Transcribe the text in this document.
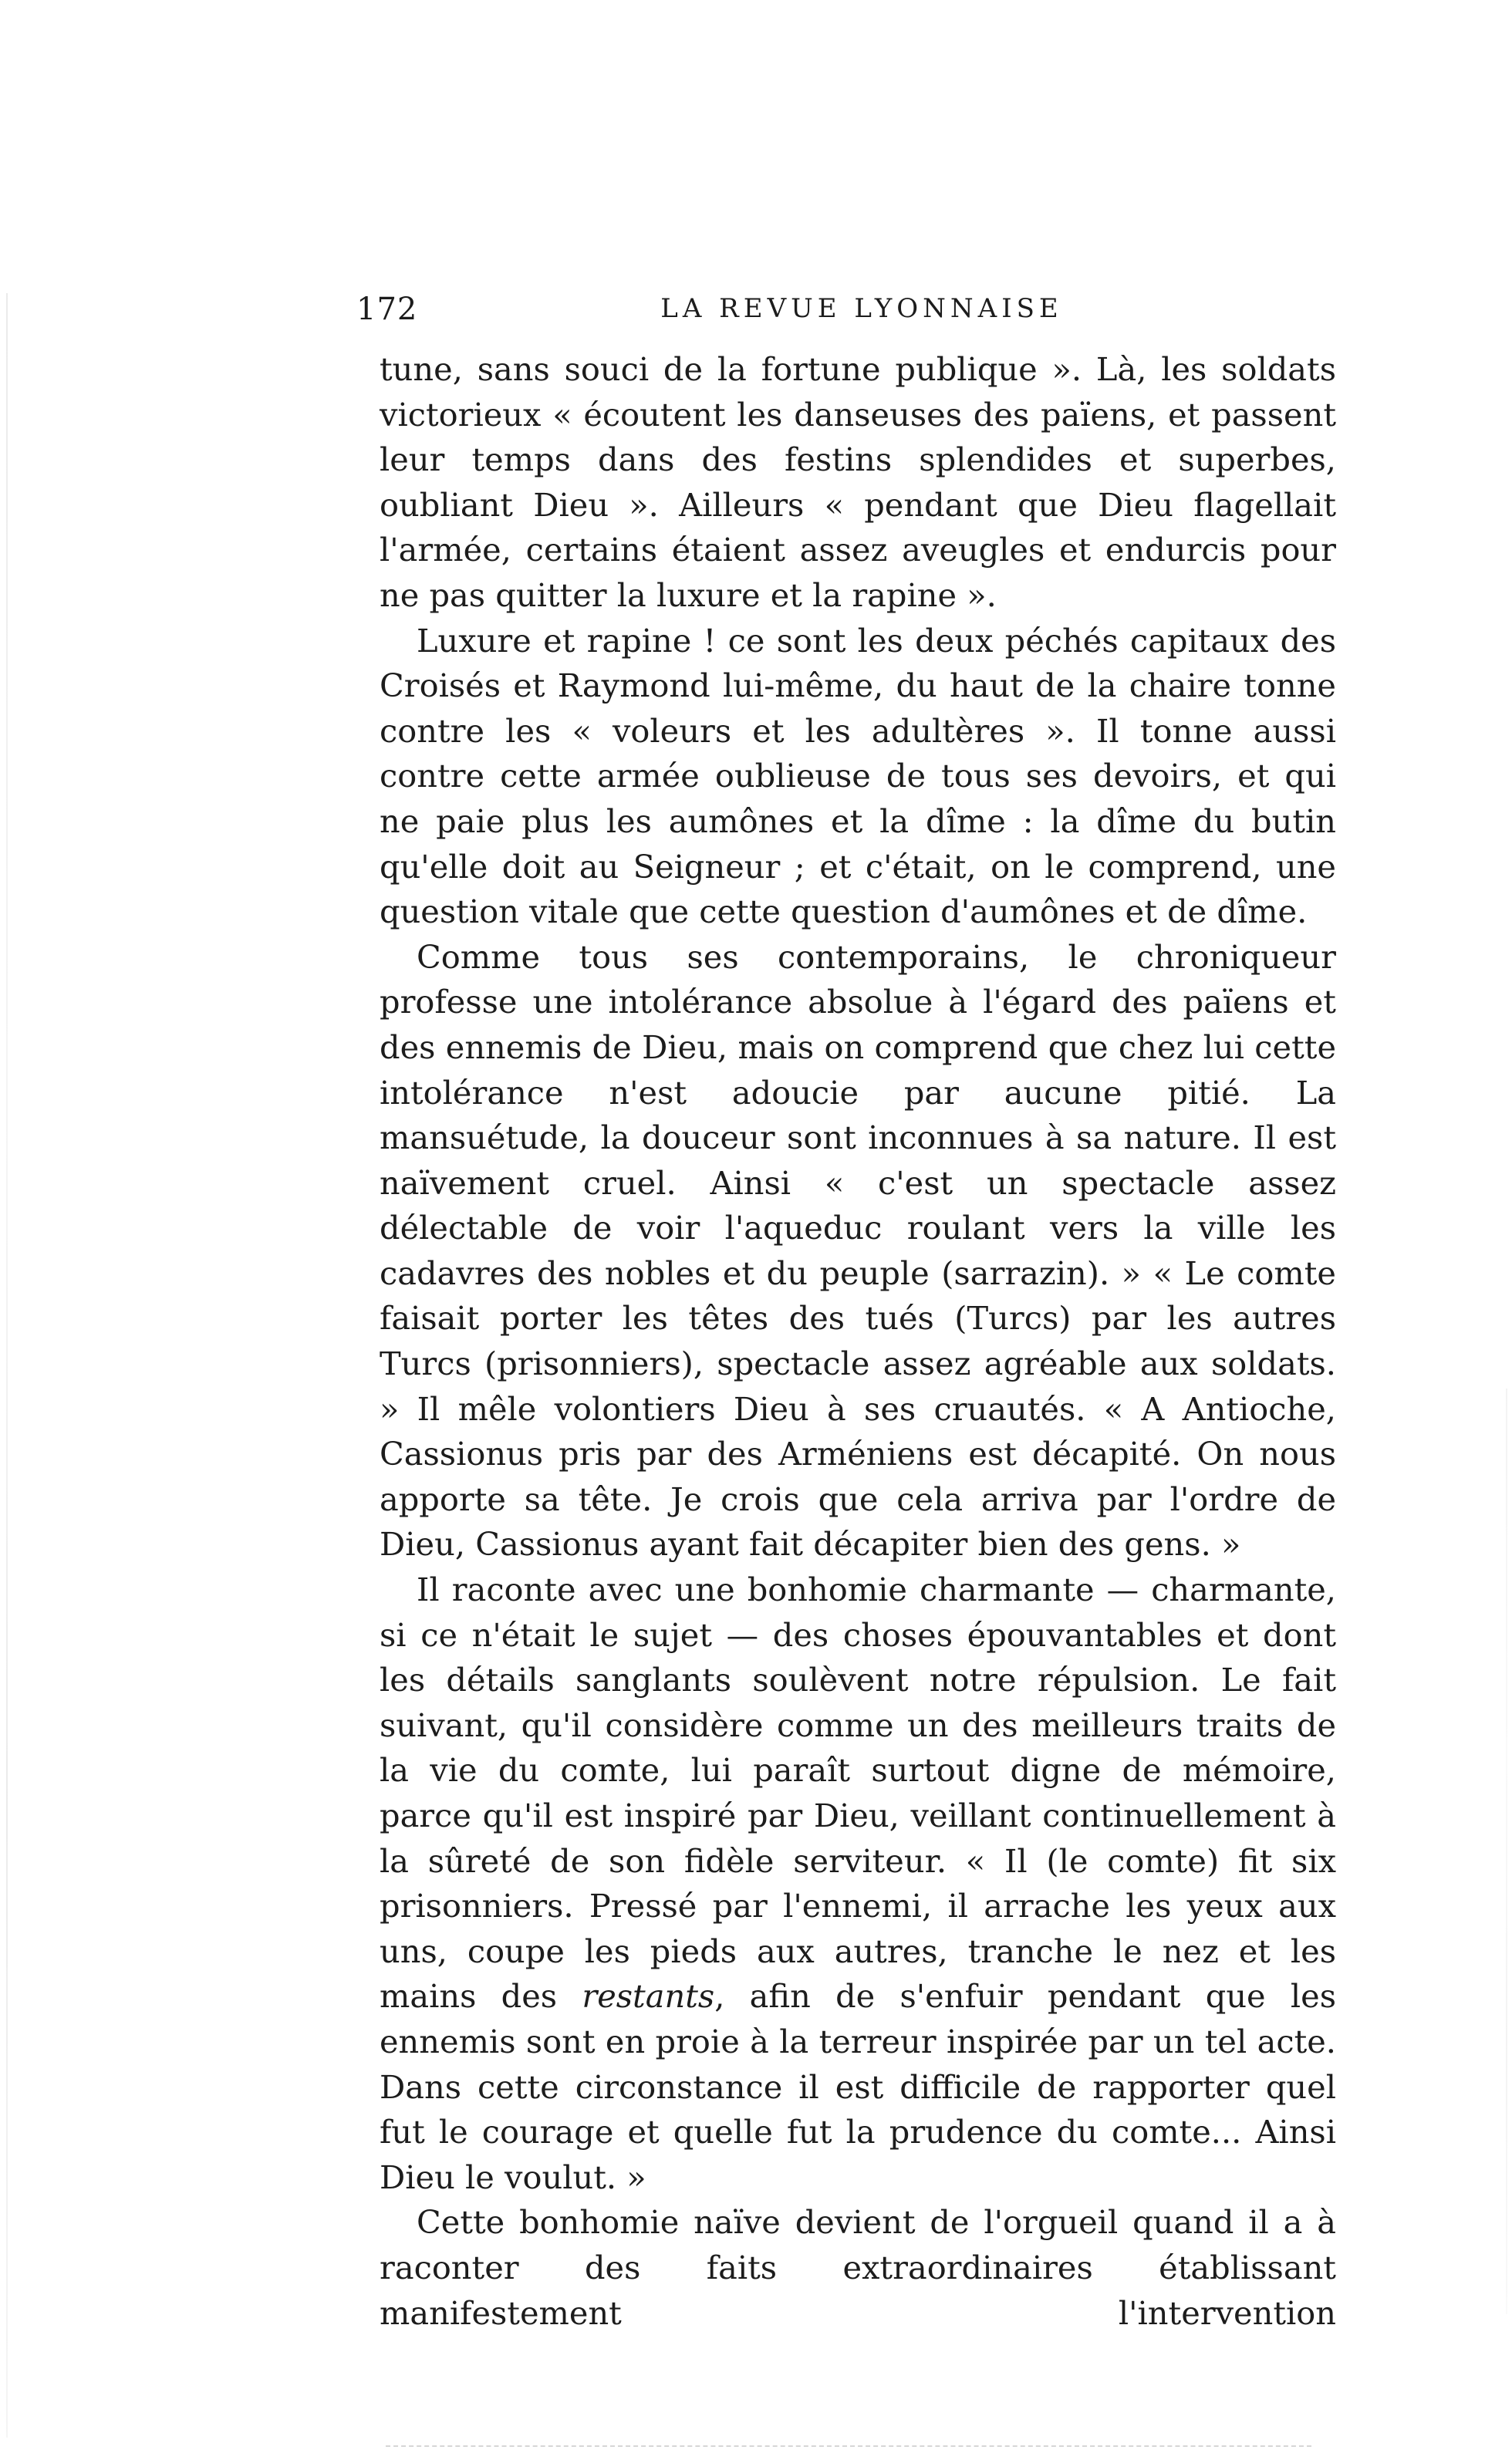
172	LA REVUE LYONNAISE

tune, sans souci de la fortune publique ». Là, les soldats victorieux « écoutent les danseuses des païens, et passent leur temps dans des festins splendides et superbes, oubliant Dieu ». Ailleurs « pendant que Dieu flagellait l'armée, certains étaient assez aveugles et endurcis pour ne pas quitter la luxure et la rapine ».

Luxure et rapine ! ce sont les deux péchés capitaux des Croisés et Raymond lui-même, du haut de la chaire tonne contre les « voleurs et les adultères ». Il tonne aussi contre cette armée oublieuse de tous ses devoirs, et qui ne paie plus les aumônes et la dîme : la dîme du butin qu'elle doit au Seigneur ; et c'était, on le comprend, une question vitale que cette question d'aumônes et de dîme.

Comme tous ses contemporains, le chroniqueur professe une intolérance absolue à l'égard des païens et des ennemis de Dieu, mais on comprend que chez lui cette intolérance n'est adoucie par aucune pitié. La mansuétude, la douceur sont inconnues à sa nature. Il est naïvement cruel. Ainsi « c'est un spectacle assez délectable de voir l'aqueduc roulant vers la ville les cadavres des nobles et du peuple (sarrazin). » « Le comte faisait porter les têtes des tués (Turcs) par les autres Turcs (prisonniers), spectacle assez agréable aux soldats. » Il mêle volontiers Dieu à ses cruautés. « A Antioche, Cassionus pris par des Arméniens est décapité. On nous apporte sa tête. Je crois que cela arriva par l'ordre de Dieu, Cassionus ayant fait décapiter bien des gens. »

Il raconte avec une bonhomie charmante — charmante, si ce n'était le sujet — des choses épouvantables et dont les détails sanglants soulèvent notre répulsion. Le fait suivant, qu'il considère comme un des meilleurs traits de la vie du comte, lui paraît surtout digne de mémoire, parce qu'il est inspiré par Dieu, veillant continuellement à la sûreté de son fidèle serviteur. « Il (le comte) fit six prisonniers. Pressé par l'ennemi, il arrache les yeux aux uns, coupe les pieds aux autres, tranche le nez et les mains des restants, afin de s'enfuir pendant que les ennemis sont en proie à la terreur inspirée par un tel acte. Dans cette circonstance il est difficile de rapporter quel fut le courage et quelle fut la prudence du comte... Ainsi Dieu le voulut. »

Cette bonhomie naïve devient de l'orgueil quand il a à raconter des faits extraordinaires établissant manifestement l'intervention
